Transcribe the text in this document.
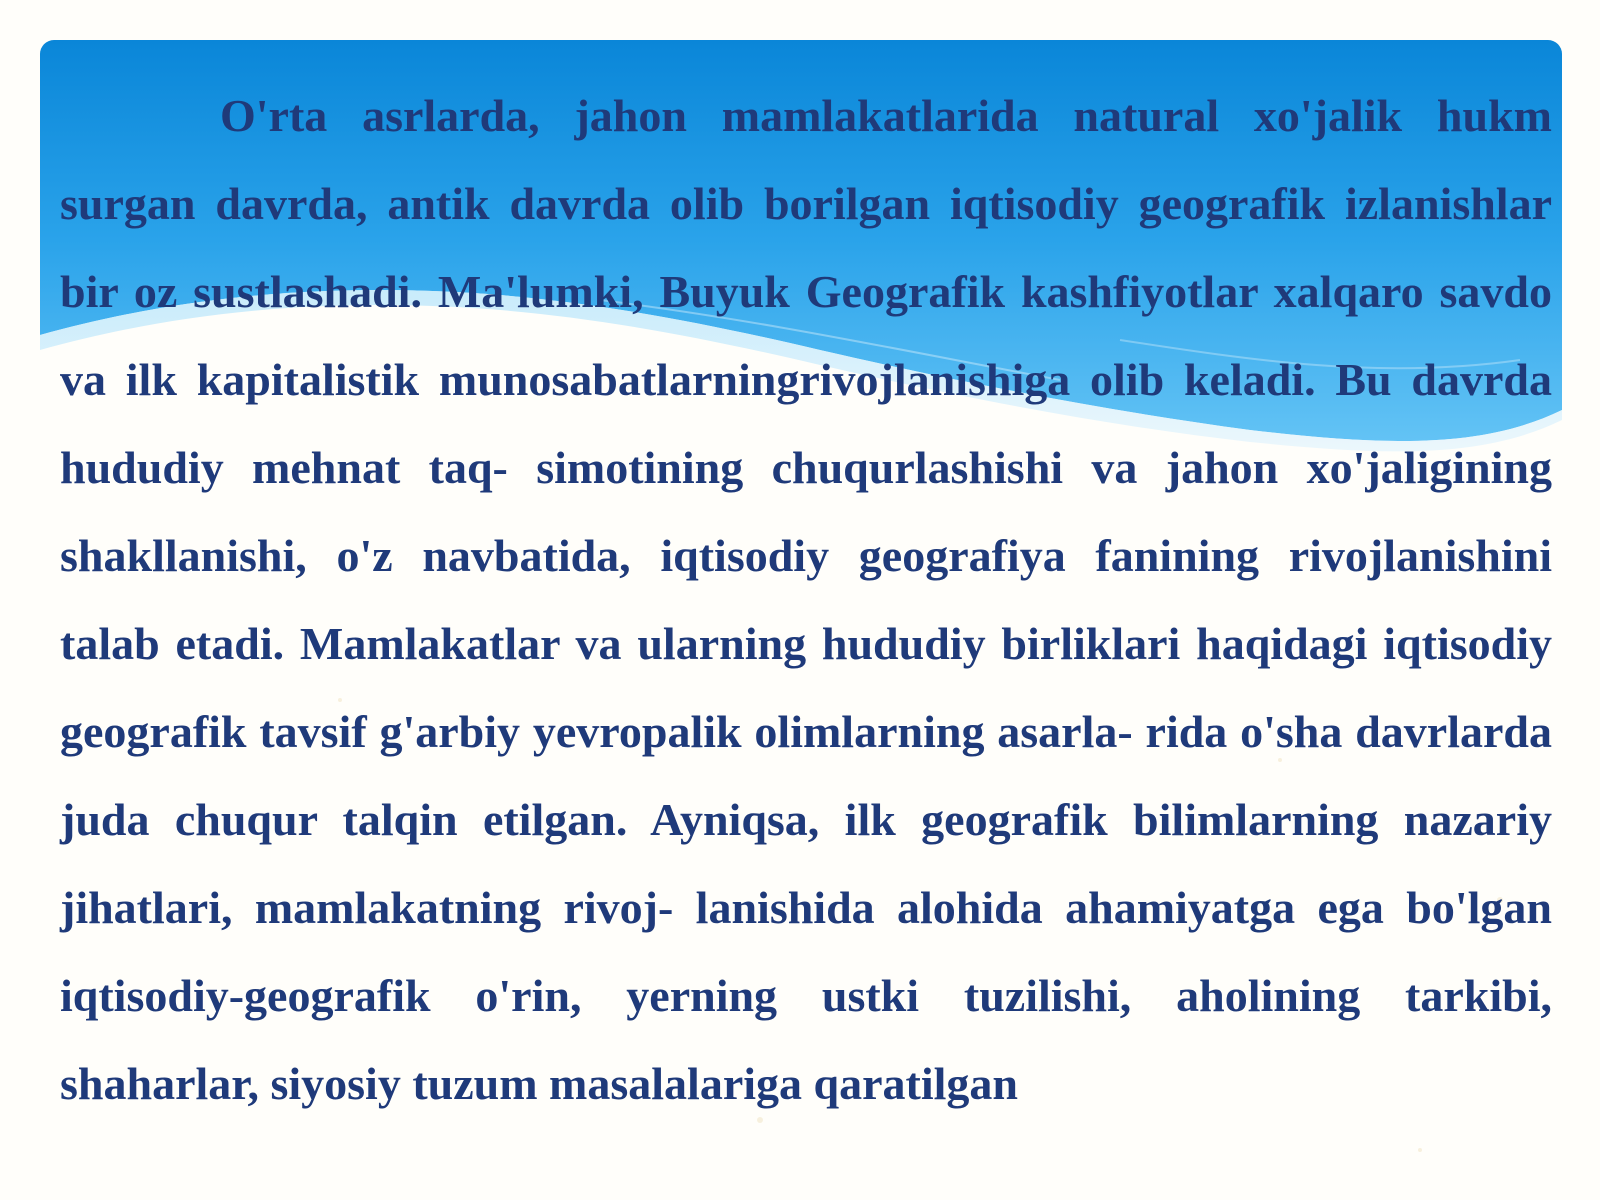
O'rta asrlarda, jahon mamlakatlarida natural xo'jalik hukm surgan davrda, antik davrda olib borilgan iqtisodiy geografik izlanishlar bir oz sustlashadi. Ma'lumki, Buyuk Geografik kashfiyotlar xalqaro savdo va ilk kapitalistik munosabatlarningrivojlanishiga olib keladi. Bu davrda hududiy mehnat taq- simotining chuqurlashishi va jahon xo'jaligining shakllanishi, o'z navbatida, iqtisodiy geografiya fanining rivojlanishini talab etadi. Mamlakatlar va ularning hududiy birliklari haqidagi iqtisodiy geografik tavsif g'arbiy yevropalik olimlarning asarla- rida o'sha davrlarda juda chuqur talqin etilgan. Ayniqsa, ilk geografik bilimlarning nazariy jihatlari, mamlakatning rivoj- lanishida alohida ahamiyatga ega bo'lgan iqtisodiy-geografik o'rin, yerning ustki tuzilishi, aholining tarkibi, shaharlar, siyosiy tuzum masalalariga qaratilgan
